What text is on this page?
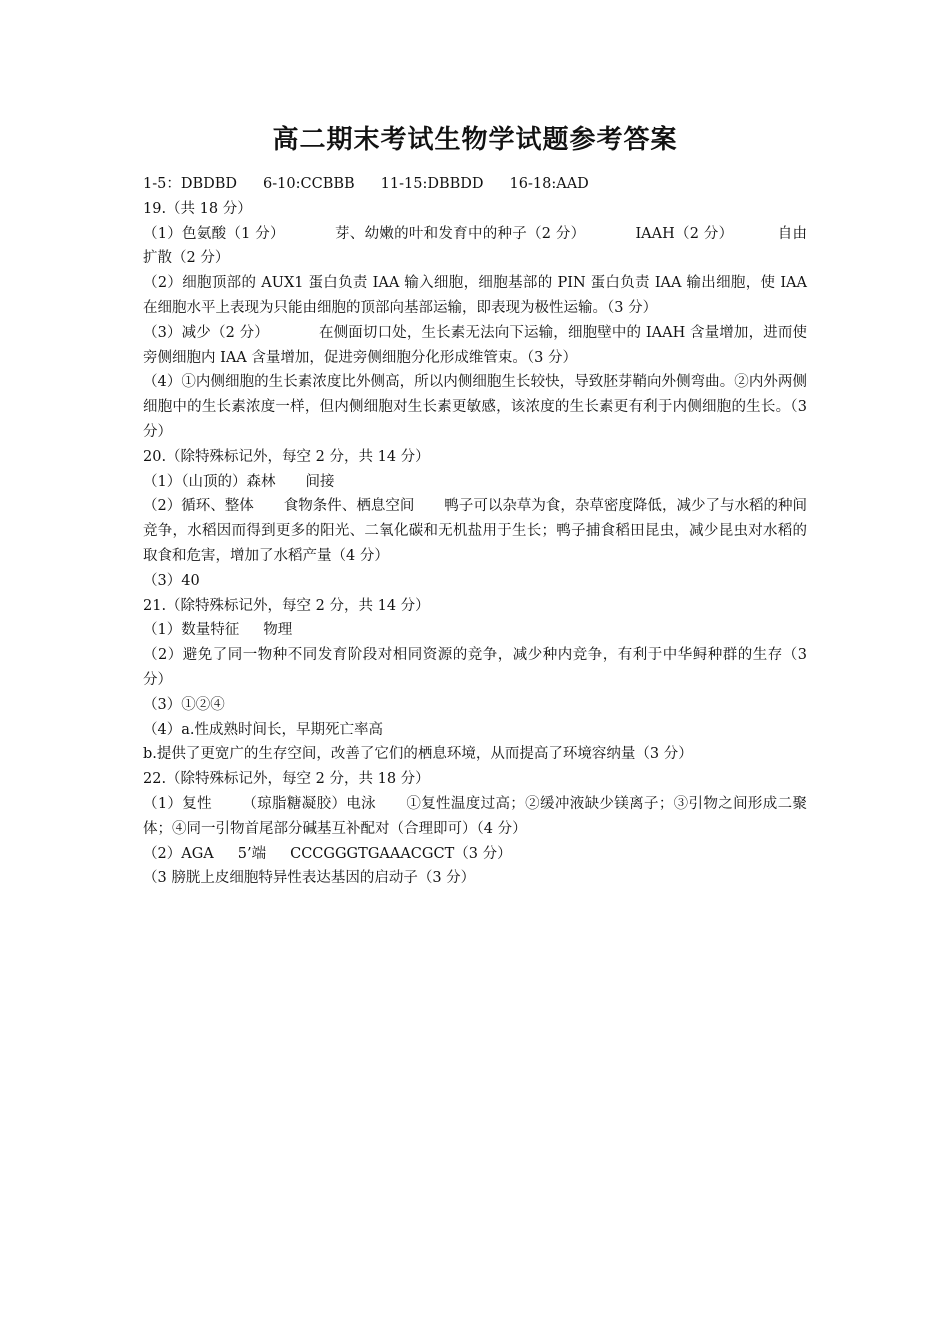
高二期末考试生物学试题参考答案
1-5：DBDBD 6-10:CCBBB 11-15:DBBDD 16-18:AAD
19.（共 18 分）
（1）色氨酸（1 分）	芽、幼嫩的叶和发育中的种子（2 分）	IAAH（2 分）	自由扩散（2 分）
（2）细胞顶部的 AUX1 蛋白负责 IAA 输入细胞，细胞基部的 PIN 蛋白负责 IAA 输出细胞，使 IAA 在细胞水平上表现为只能由细胞的顶部向基部运输，即表现为极性运输。（3 分）
（3）减少（2 分）	在侧面切口处，生长素无法向下运输，细胞壁中的 IAAH 含量增加，进而使旁侧细胞内 IAA 含量增加，促进旁侧细胞分化形成维管束。（3 分）
（4）①内侧细胞的生长素浓度比外侧高，所以内侧细胞生长较快，导致胚芽鞘向外侧弯曲。②内外两侧细胞中的生长素浓度一样，但内侧细胞对生长素更敏感，该浓度的生长素更有利于内侧细胞的生长。（3 分）
20.（除特殊标记外，每空 2 分，共 14 分）
（1）（山顶的）森林 间接
（2）循环、整体 食物条件、栖息空间 鸭子可以杂草为食，杂草密度降低，减少了与水稻的种间竞争，水稻因而得到更多的阳光、二氧化碳和无机盐用于生长；鸭子捕食稻田昆虫，减少昆虫对水稻的取食和危害，增加了水稻产量（4 分）
（3）40
21.（除特殊标记外，每空 2 分，共 14 分）
（1）数量特征 物理
（2）避免了同一物种不同发育阶段对相同资源的竞争，减少种内竞争，有利于中华鲟种群的生存（3 分）
（3）①②④
（4）a.性成熟时间长，早期死亡率高
b.提供了更宽广的生存空间，改善了它们的栖息环境，从而提高了环境容纳量（3 分）
22.（除特殊标记外，每空 2 分，共 18 分）
（1）复性 （琼脂糖凝胶）电泳 ①复性温度过高；②缓冲液缺少镁离子；③引物之间形成二聚体；④同一引物首尾部分碱基互补配对（合理即可）（4 分）
（2）AGA 5’端 CCCGGGTGAAACGCT（3 分）
（3 膀胱上皮细胞特异性表达基因的启动子（3 分）
